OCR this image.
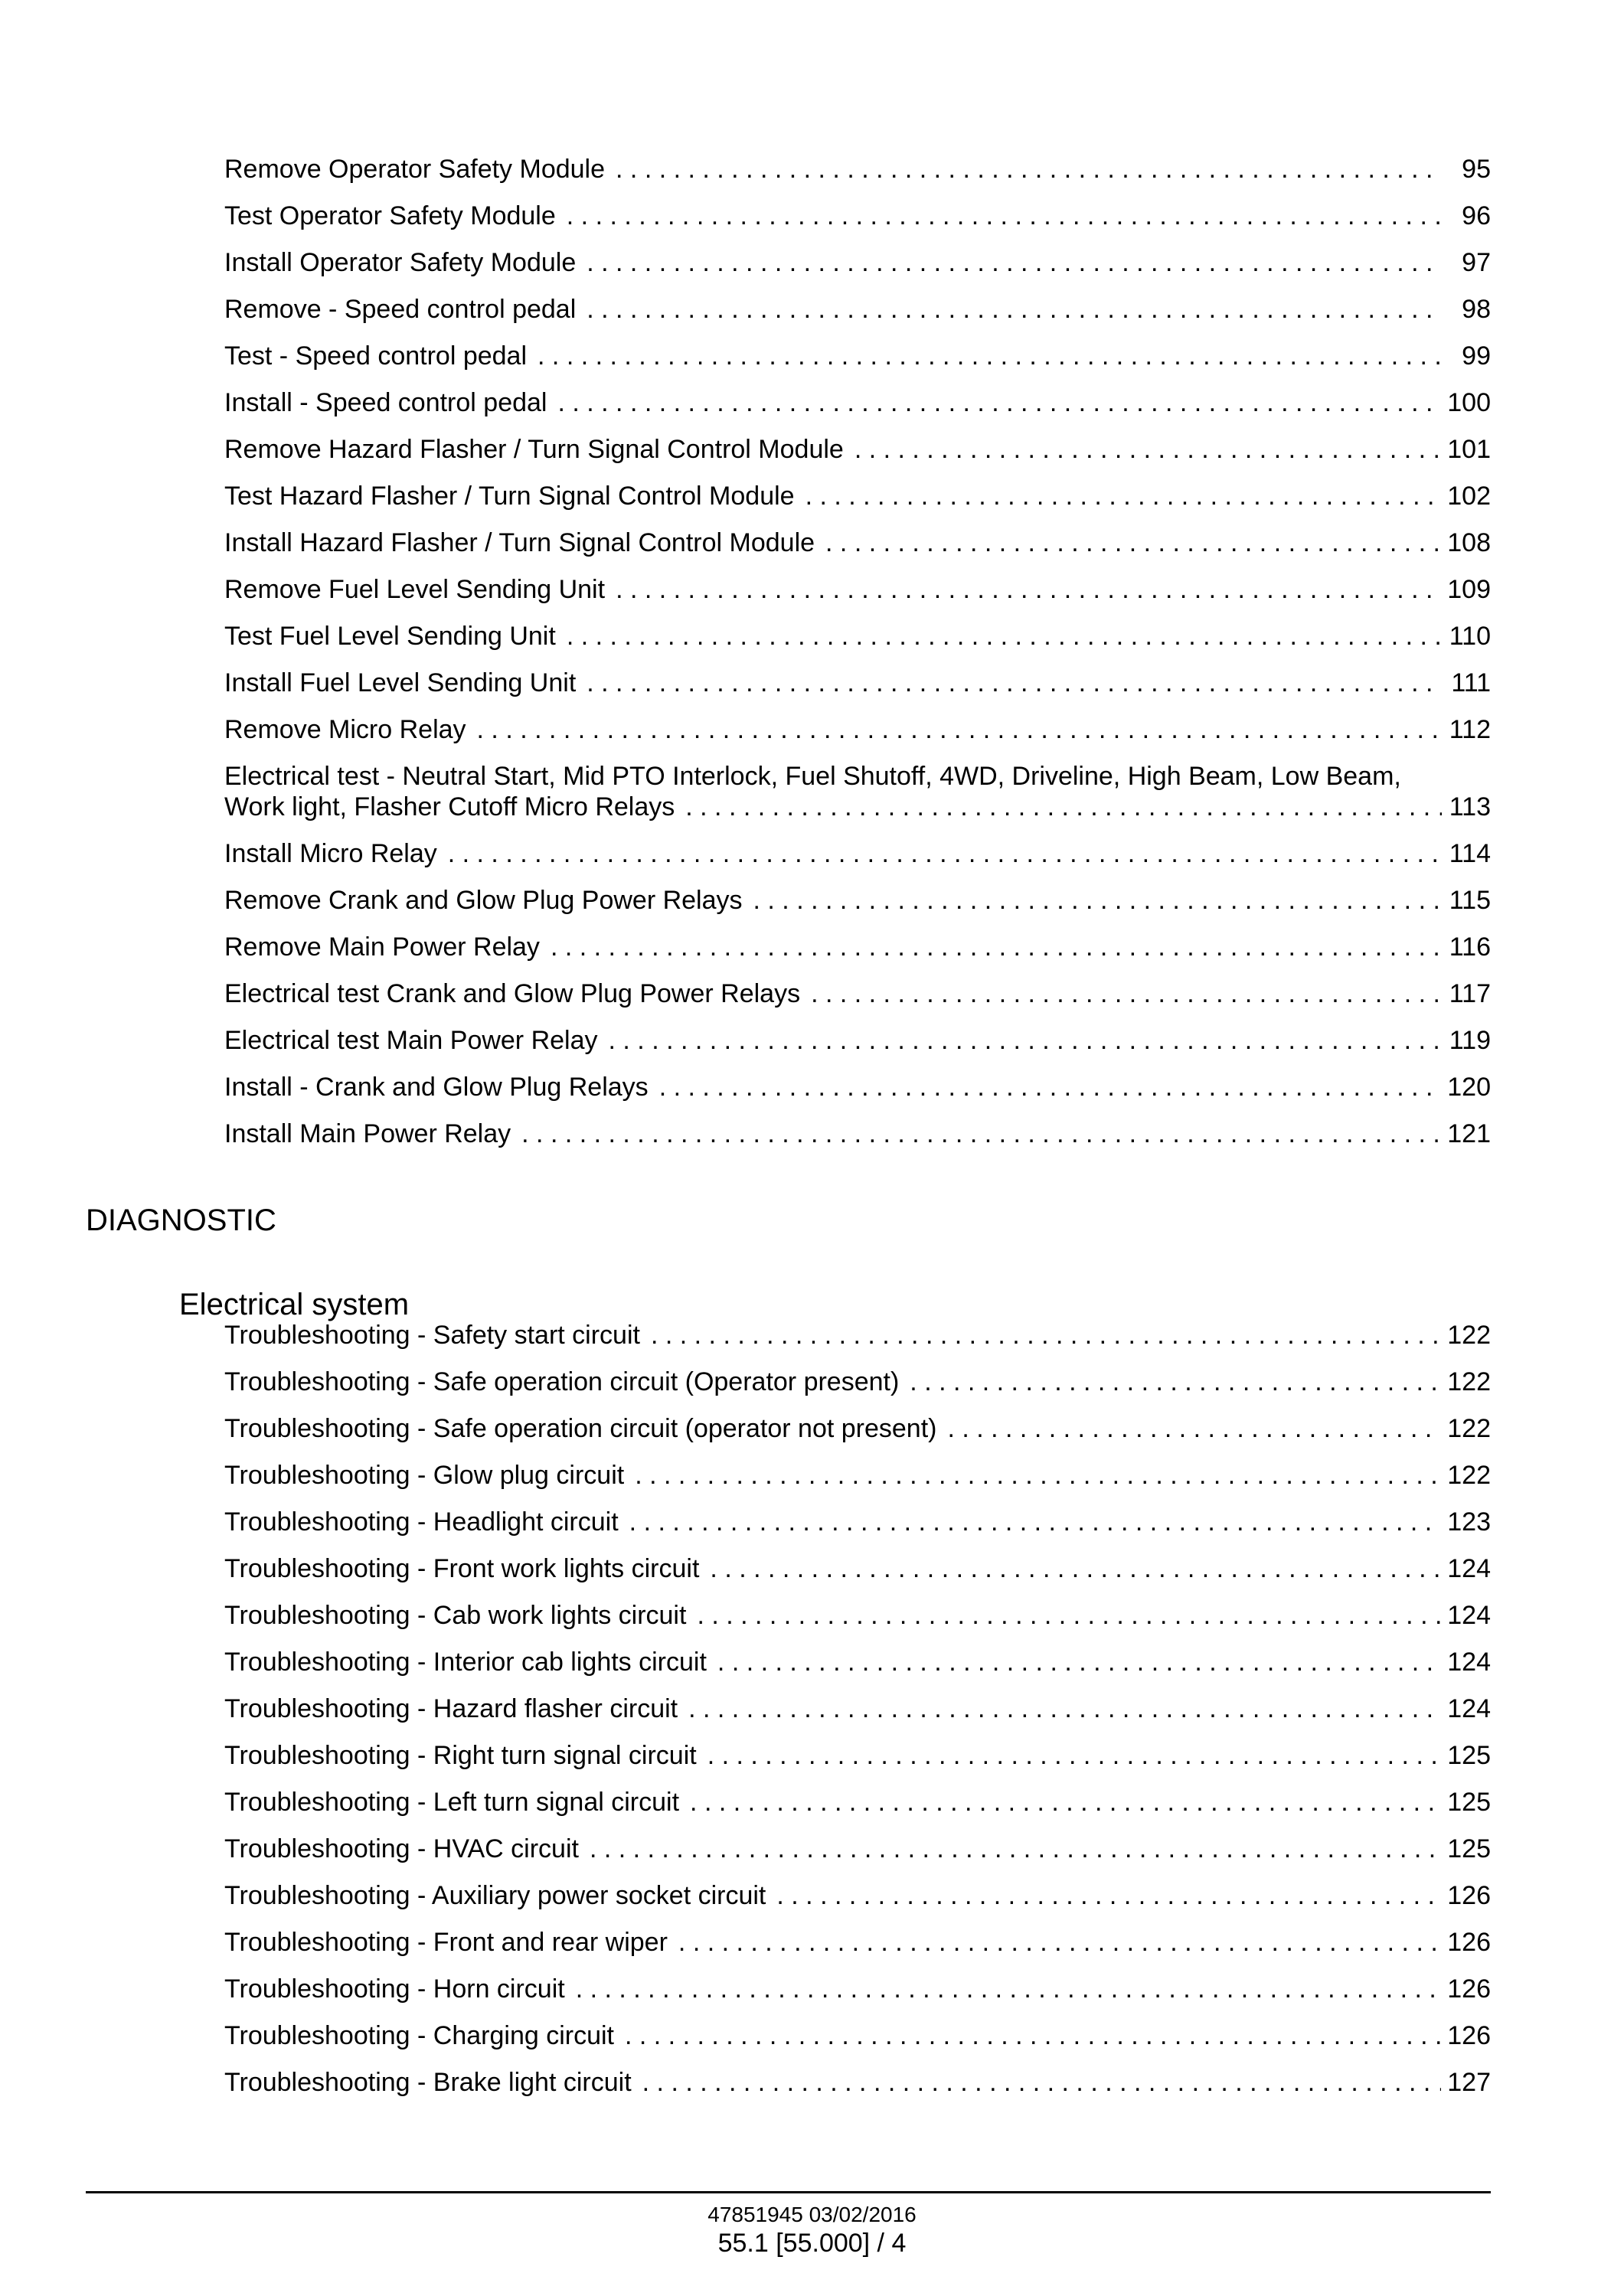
Remove Operator Safety Module . . .	95
Test Operator Safety Module . . .	96
Install Operator Safety Module . . .	97
Remove - Speed control pedal . . .	98
Test - Speed control pedal . . .	99
Install - Speed control pedal . . .	100
Remove Hazard Flasher / Turn Signal Control Module . . .	101
Test Hazard Flasher / Turn Signal Control Module . . .	102
Install Hazard Flasher / Turn Signal Control Module . . .	108
Remove Fuel Level Sending Unit . . .	109
Test Fuel Level Sending Unit . . .	110
Install Fuel Level Sending Unit . . .	111
Remove Micro Relay . . .	112
Electrical test - Neutral Start, Mid PTO Interlock, Fuel Shutoff, 4WD, Driveline, High Beam, Low Beam,
Work light, Flasher Cutoff Micro Relays . . .	113
Install Micro Relay . . .	114
Remove Crank and Glow Plug Power Relays . . .	115
Remove Main Power Relay . . .	116
Electrical test Crank and Glow Plug Power Relays . . .	117
Electrical test Main Power Relay . . .	119
Install - Crank and Glow Plug Relays . . .	120
Install Main Power Relay . . .	121
DIAGNOSTIC
Electrical system
Troubleshooting - Safety start circuit . . .	122
Troubleshooting - Safe operation circuit (Operator present) . . .	122
Troubleshooting - Safe operation circuit (operator not present) . . .	122
Troubleshooting - Glow plug circuit . . .	122
Troubleshooting - Headlight circuit . . .	123
Troubleshooting - Front work lights circuit . . .	124
Troubleshooting - Cab work lights circuit . . .	124
Troubleshooting - Interior cab lights circuit . . .	124
Troubleshooting - Hazard flasher circuit . . .	124
Troubleshooting - Right turn signal circuit . . .	125
Troubleshooting - Left turn signal circuit . . .	125
Troubleshooting - HVAC circuit . . .	125
Troubleshooting - Auxiliary power socket circuit . . .	126
Troubleshooting - Front and rear wiper . . .	126
Troubleshooting - Horn circuit . . .	126
Troubleshooting - Charging circuit . . .	126
Troubleshooting - Brake light circuit . . .	127
47851945 03/02/2016
55.1 [55.000] / 4
